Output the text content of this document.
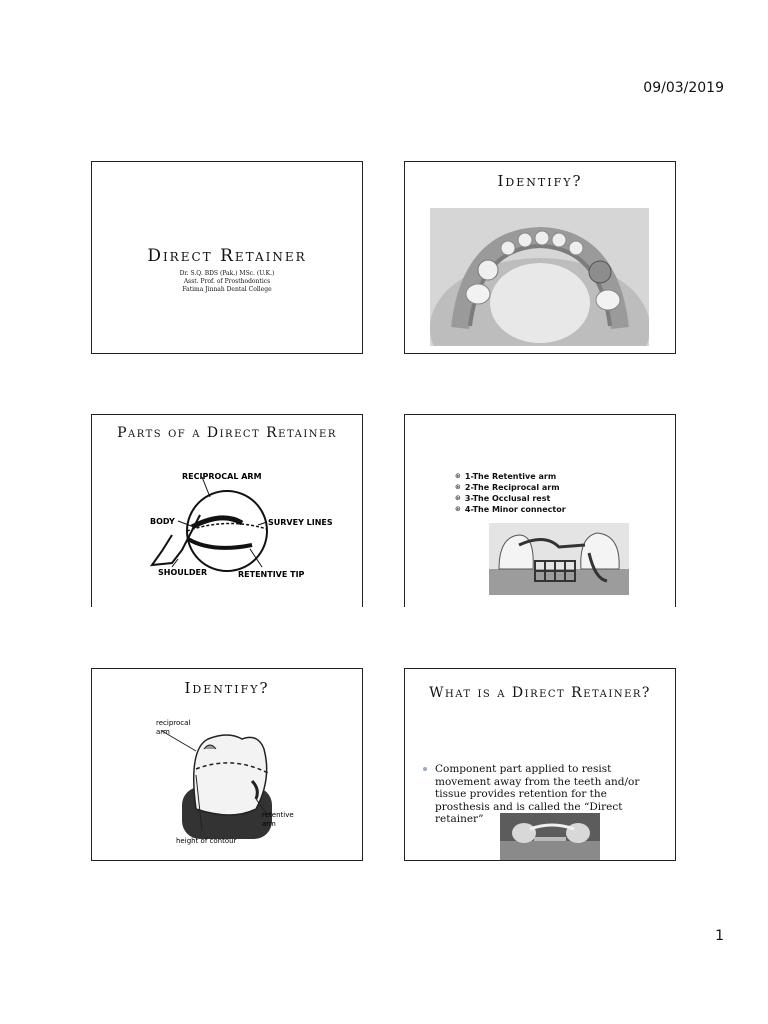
09/03/2019
Direct Retainer
Dr. S.Q. BDS (Pak.) MSc. (U.K.)
Asst. Prof. of Prosthodontics
Fatima Jinnah Dental College
Identify?
Parts of a Direct Retainer
RECIPROCAL ARM
BODY	SURVEY LINES
SHOULDER	RETENTIVE TIP
⊛ 1-The Retentive arm
⊛ 2-The Reciprocal arm
⊛ 3-The Occlusal rest
⊛ 4-The Minor connector
Identify?
reciprocal
arm
retentive
arm
height of contour
What is a Direct Retainer?
Component part applied to resist movement away from the teeth and/or tissue provides retention for the prosthesis and is called the “Direct retainer”
1
